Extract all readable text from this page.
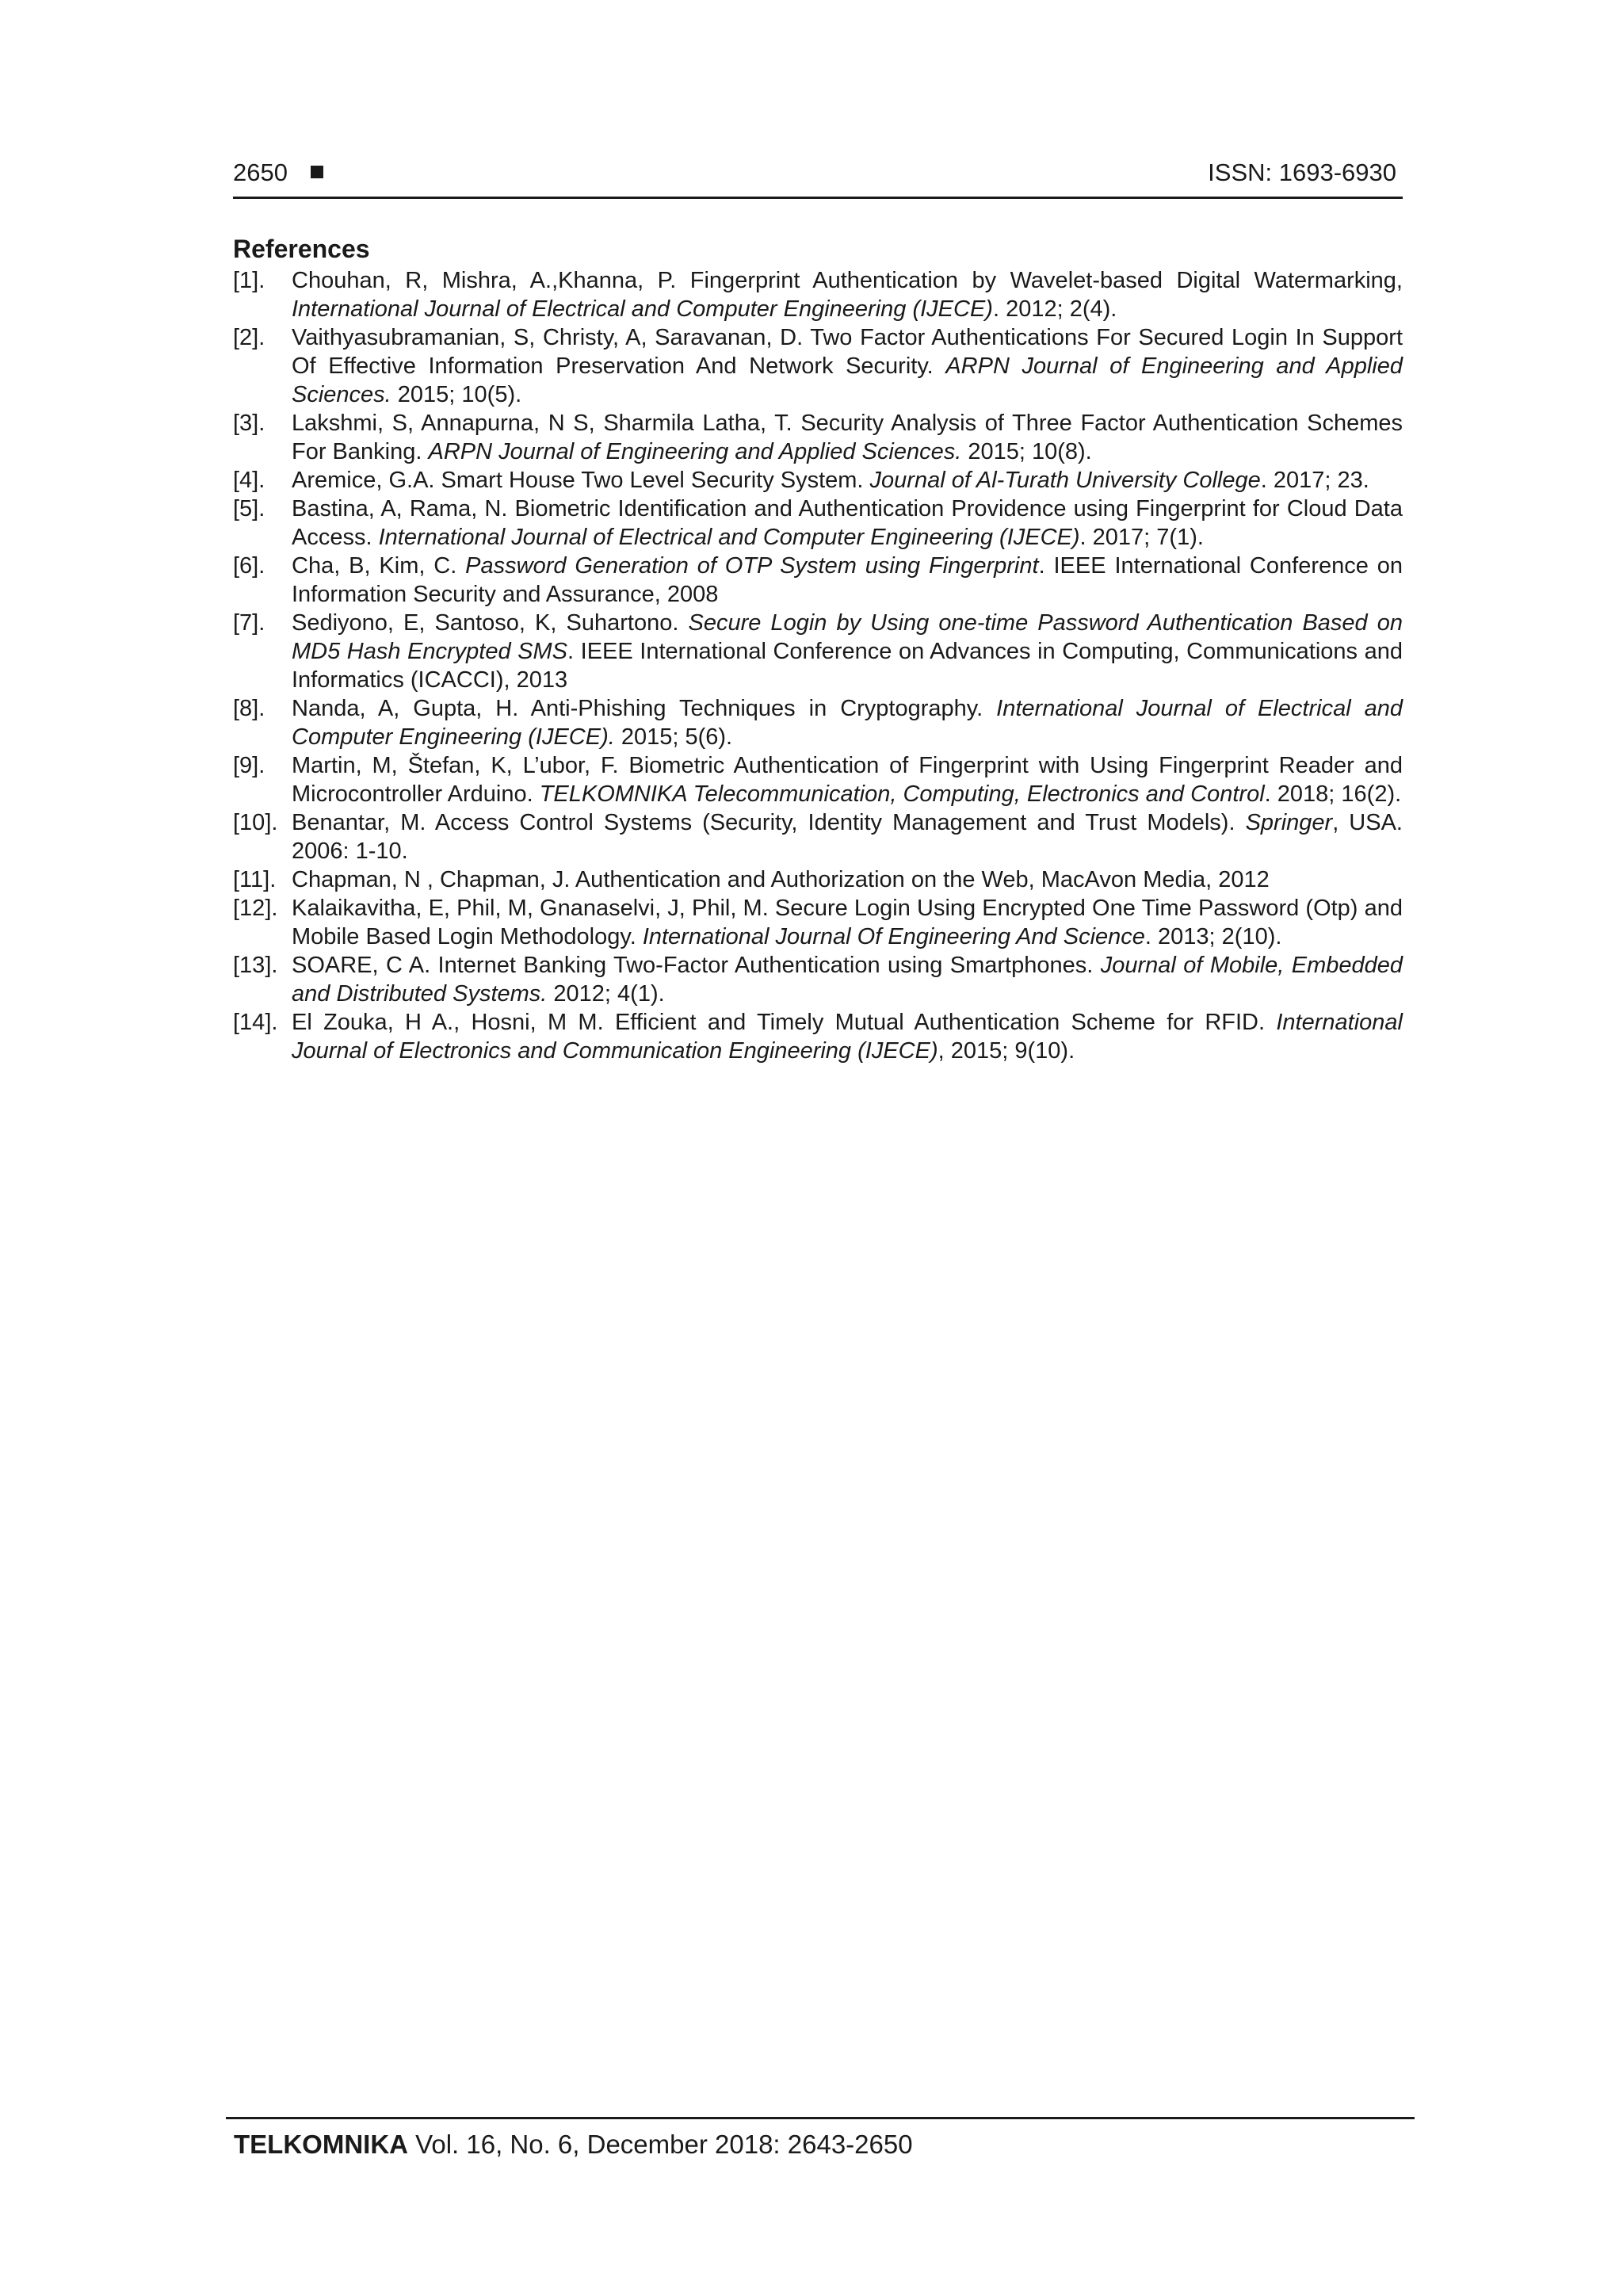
2650	ISSN: 1693-6930
References
[1].	Chouhan, R, Mishra, A.,Khanna, P. Fingerprint Authentication by Wavelet-based Digital Watermarking, International Journal of Electrical and Computer Engineering (IJECE). 2012; 2(4).
[2].	Vaithyasubramanian, S, Christy, A, Saravanan, D. Two Factor Authentications For Secured Login In Support Of Effective Information Preservation And Network Security. ARPN Journal of Engineering and Applied Sciences. 2015; 10(5).
[3].	Lakshmi, S, Annapurna, N S, Sharmila Latha, T. Security Analysis of Three Factor Authentication Schemes For Banking. ARPN Journal of Engineering and Applied Sciences. 2015; 10(8).
[4].	Aremice, G.A. Smart House Two Level Security System. Journal of Al-Turath University College. 2017; 23.
[5].	Bastina, A, Rama, N. Biometric Identification and Authentication Providence using Fingerprint for Cloud Data Access. International Journal of Electrical and Computer Engineering (IJECE). 2017; 7(1).
[6].	Cha, B, Kim, C. Password Generation of OTP System using Fingerprint. IEEE International Conference on Information Security and Assurance, 2008
[7].	Sediyono, E, Santoso, K, Suhartono. Secure Login by Using one-time Password Authentication Based on MD5 Hash Encrypted SMS. IEEE International Conference on Advances in Computing, Communications and Informatics (ICACCI), 2013
[8].	Nanda, A, Gupta, H. Anti-Phishing Techniques in Cryptography. International Journal of Electrical and Computer Engineering (IJECE). 2015; 5(6).
[9].	Martin, M, Štefan, K, L’ubor, F. Biometric Authentication of Fingerprint with Using Fingerprint Reader and Microcontroller Arduino. TELKOMNIKA Telecommunication, Computing, Electronics and Control. 2018; 16(2).
[10]. Benantar, M. Access Control Systems (Security, Identity Management and Trust Models). Springer, USA. 2006: 1-10.
[11]. Chapman, N , Chapman, J. Authentication and Authorization on the Web, MacAvon Media, 2012
[12]. Kalaikavitha, E, Phil, M, Gnanaselvi, J, Phil, M. Secure Login Using Encrypted One Time Password (Otp) and Mobile Based Login Methodology. International Journal Of Engineering And Science. 2013; 2(10).
[13]. SOARE, C A. Internet Banking Two-Factor Authentication using Smartphones. Journal of Mobile, Embedded and Distributed Systems. 2012; 4(1).
[14]. El Zouka, H A., Hosni, M M. Efficient and Timely Mutual Authentication Scheme for RFID. International Journal of Electronics and Communication Engineering (IJECE), 2015; 9(10).
TELKOMNIKA Vol. 16, No. 6, December 2018: 2643-2650
